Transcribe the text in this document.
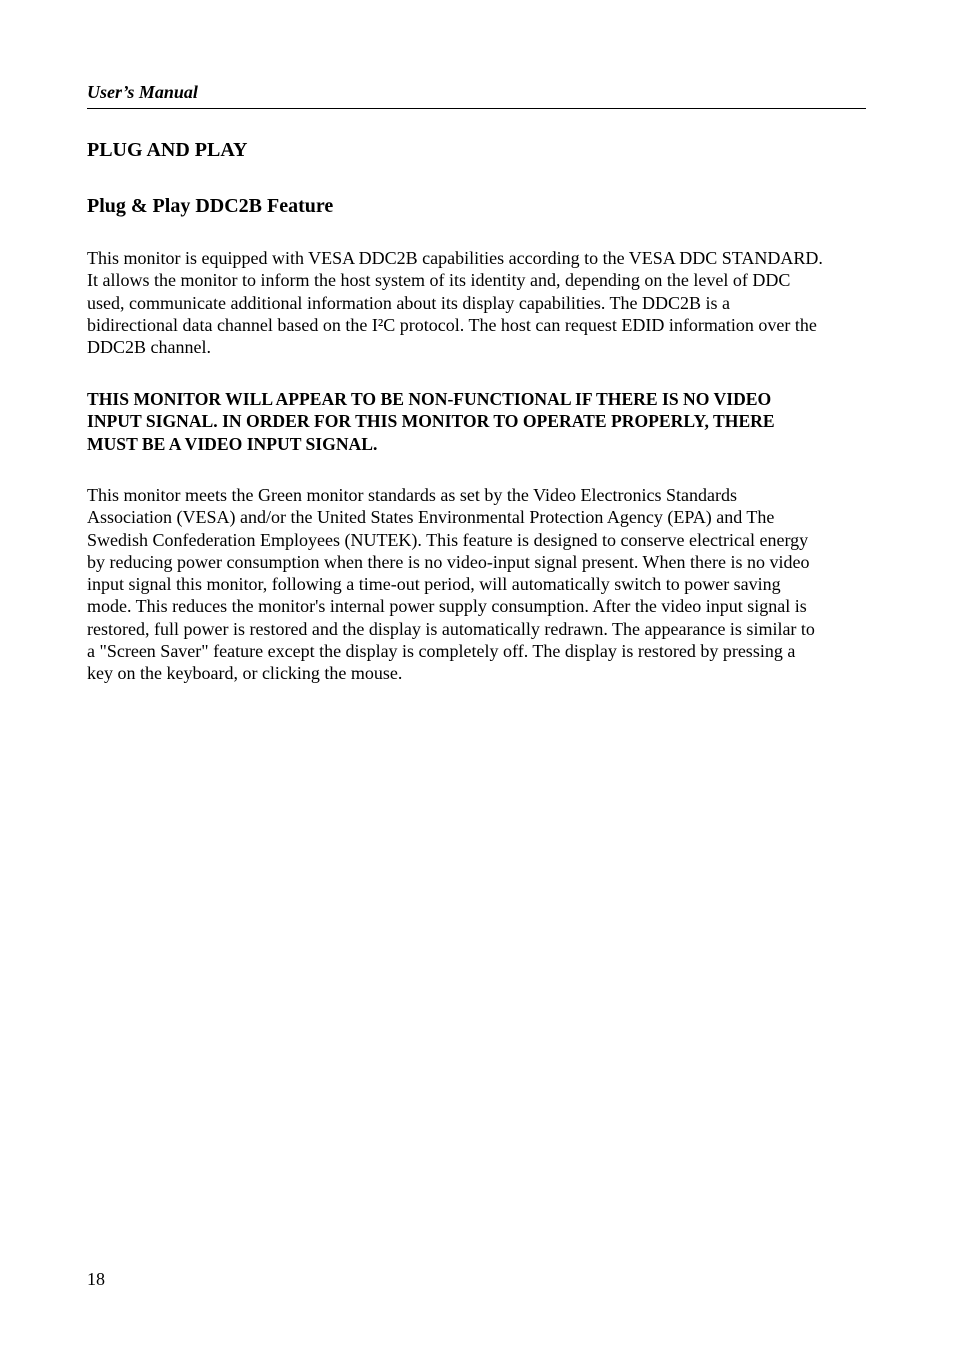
User’s Manual
PLUG AND PLAY
Plug & Play DDC2B Feature

This monitor is equipped with VESA DDC2B capabilities according to the VESA DDC STANDARD.
It allows the monitor to inform the host system of its identity and, depending on the level of DDC
used, communicate additional information about its display capabilities. The DDC2B is a
bidirectional data channel based on the I²C protocol. The host can request EDID information over the
DDC2B channel.

THIS MONITOR WILL APPEAR TO BE NON-FUNCTIONAL IF THERE IS NO VIDEO
INPUT SIGNAL. IN ORDER FOR THIS MONITOR TO OPERATE PROPERLY, THERE
MUST BE A VIDEO INPUT SIGNAL.

This monitor meets the Green monitor standards as set by the Video Electronics Standards
Association (VESA) and/or the United States Environmental Protection Agency (EPA) and The
Swedish Confederation Employees (NUTEK). This feature is designed to conserve electrical energy
by reducing power consumption when there is no video-input signal present. When there is no video
input signal this monitor, following a time-out period, will automatically switch to power saving
mode. This reduces the monitor's internal power supply consumption. After the video input signal is
restored, full power is restored and the display is automatically redrawn. The appearance is similar to
a "Screen Saver" feature except the display is completely off. The display is restored by pressing a
key on the keyboard, or clicking the mouse.

18
